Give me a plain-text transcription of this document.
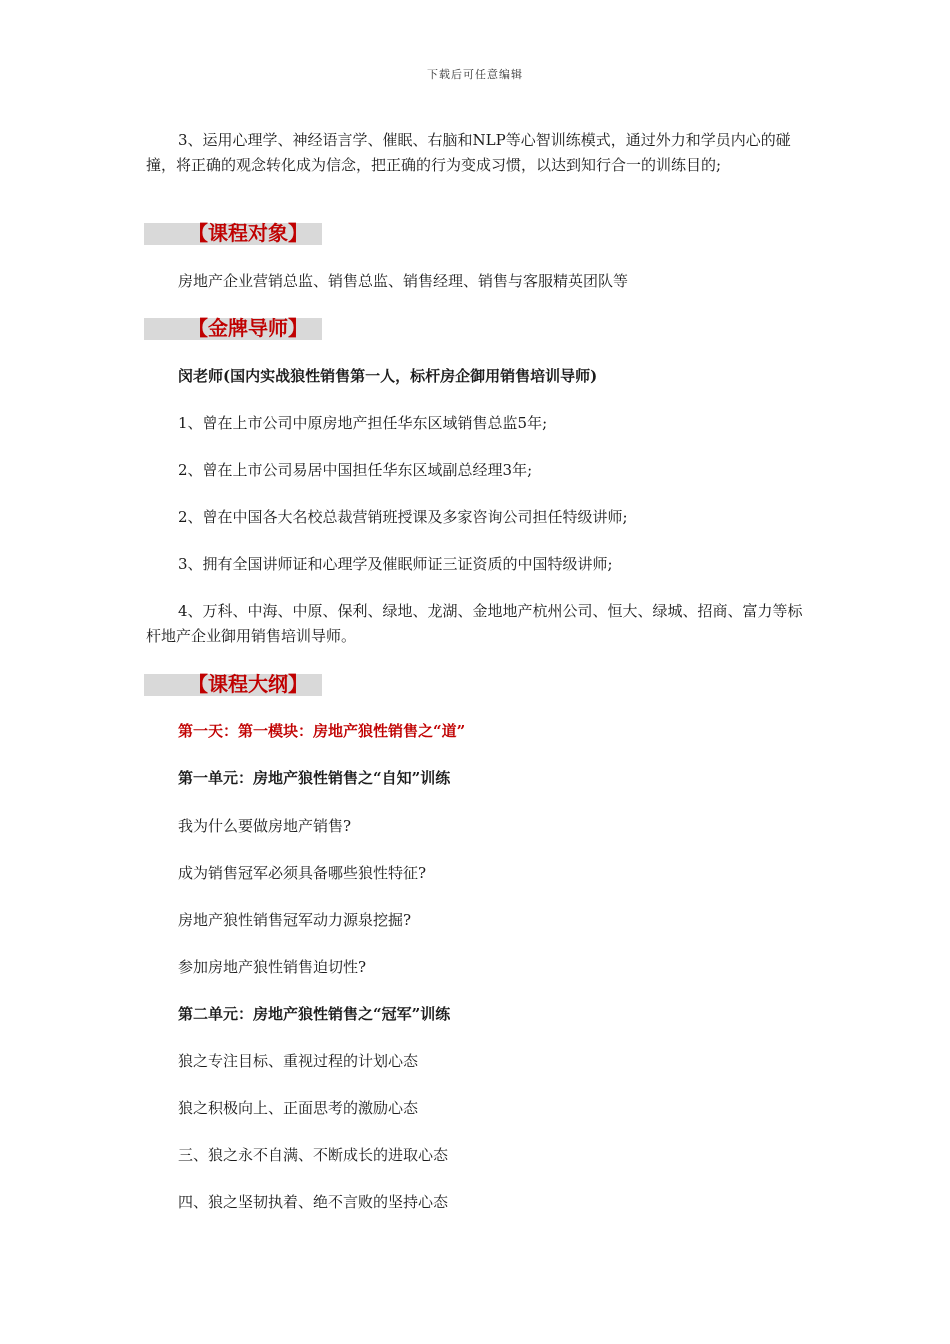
下载后可任意编辑
3、运用心理学、神经语言学、催眠、右脑和NLP等心智训练模式，通过外力和学员内心的碰撞，将正确的观念转化成为信念，把正确的行为变成习惯，以达到知行合一的训练目的;
【课程对象】
房地产企业营销总监、销售总监、销售经理、销售与客服精英团队等
【金牌导师】
闵老师(国内实战狼性销售第一人，标杆房企御用销售培训导师)
1、曾在上市公司中原房地产担任华东区域销售总监5年;
2、曾在上市公司易居中国担任华东区域副总经理3年;
2、曾在中国各大名校总裁营销班授课及多家咨询公司担任特级讲师;
3、拥有全国讲师证和心理学及催眠师证三证资质的中国特级讲师;
4、万科、中海、中原、保利、绿地、龙湖、金地地产杭州公司、恒大、绿城、招商、富力等标杆地产企业御用销售培训导师。
【课程大纲】
第一天：第一模块：房地产狼性销售之“道”
第一单元：房地产狼性销售之“自知”训练
我为什么要做房地产销售?
成为销售冠军必须具备哪些狼性特征?
房地产狼性销售冠军动力源泉挖掘?
参加房地产狼性销售迫切性?
第二单元：房地产狼性销售之“冠军”训练
狼之专注目标、重视过程的计划心态
狼之积极向上、正面思考的激励心态
三、狼之永不自满、不断成长的进取心态
四、狼之坚韧执着、绝不言败的坚持心态
